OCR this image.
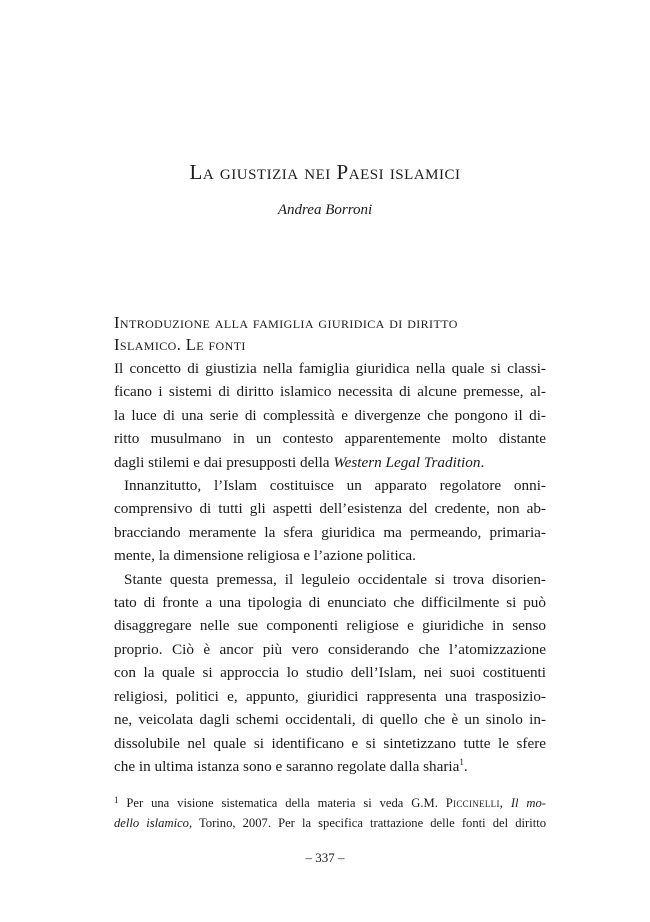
La giustizia nei Paesi islamici
Andrea Borroni
Introduzione alla famiglia giuridica di diritto
Islamico. Le fonti
Il concetto di giustizia nella famiglia giuridica nella quale si classi-
ficano i sistemi di diritto islamico necessita di alcune premesse, al-
la luce di una serie di complessità e divergenze che pongono il di-
ritto musulmano in un contesto apparentemente molto distante
dagli stilemi e dai presupposti della Western Legal Tradition.
Innanzitutto, l’Islam costituisce un apparato regolatore onni-
comprensivo di tutti gli aspetti dell’esistenza del credente, non ab-
bracciando meramente la sfera giuridica ma permeando, primaria-
mente, la dimensione religiosa e l’azione politica.
Stante questa premessa, il leguleio occidentale si trova disorien-
tato di fronte a una tipologia di enunciato che difficilmente si può
disaggregare nelle sue componenti religiose e giuridiche in senso
proprio. Ciò è ancor più vero considerando che l’atomizzazione
con la quale si approccia lo studio dell’Islam, nei suoi costituenti
religiosi, politici e, appunto, giuridici rappresenta una trasposizio-
ne, veicolata dagli schemi occidentali, di quello che è un sinolo in-
dissolubile nel quale si identificano e si sintetizzano tutte le sfere
che in ultima istanza sono e saranno regolate dalla sharia$^1$.
$^1$ Per una visione sistematica della materia si veda G.M. Piccinelli, Il mo-
dello islamico, Torino, 2007. Per la specifica trattazione delle fonti del diritto
– 337 –
